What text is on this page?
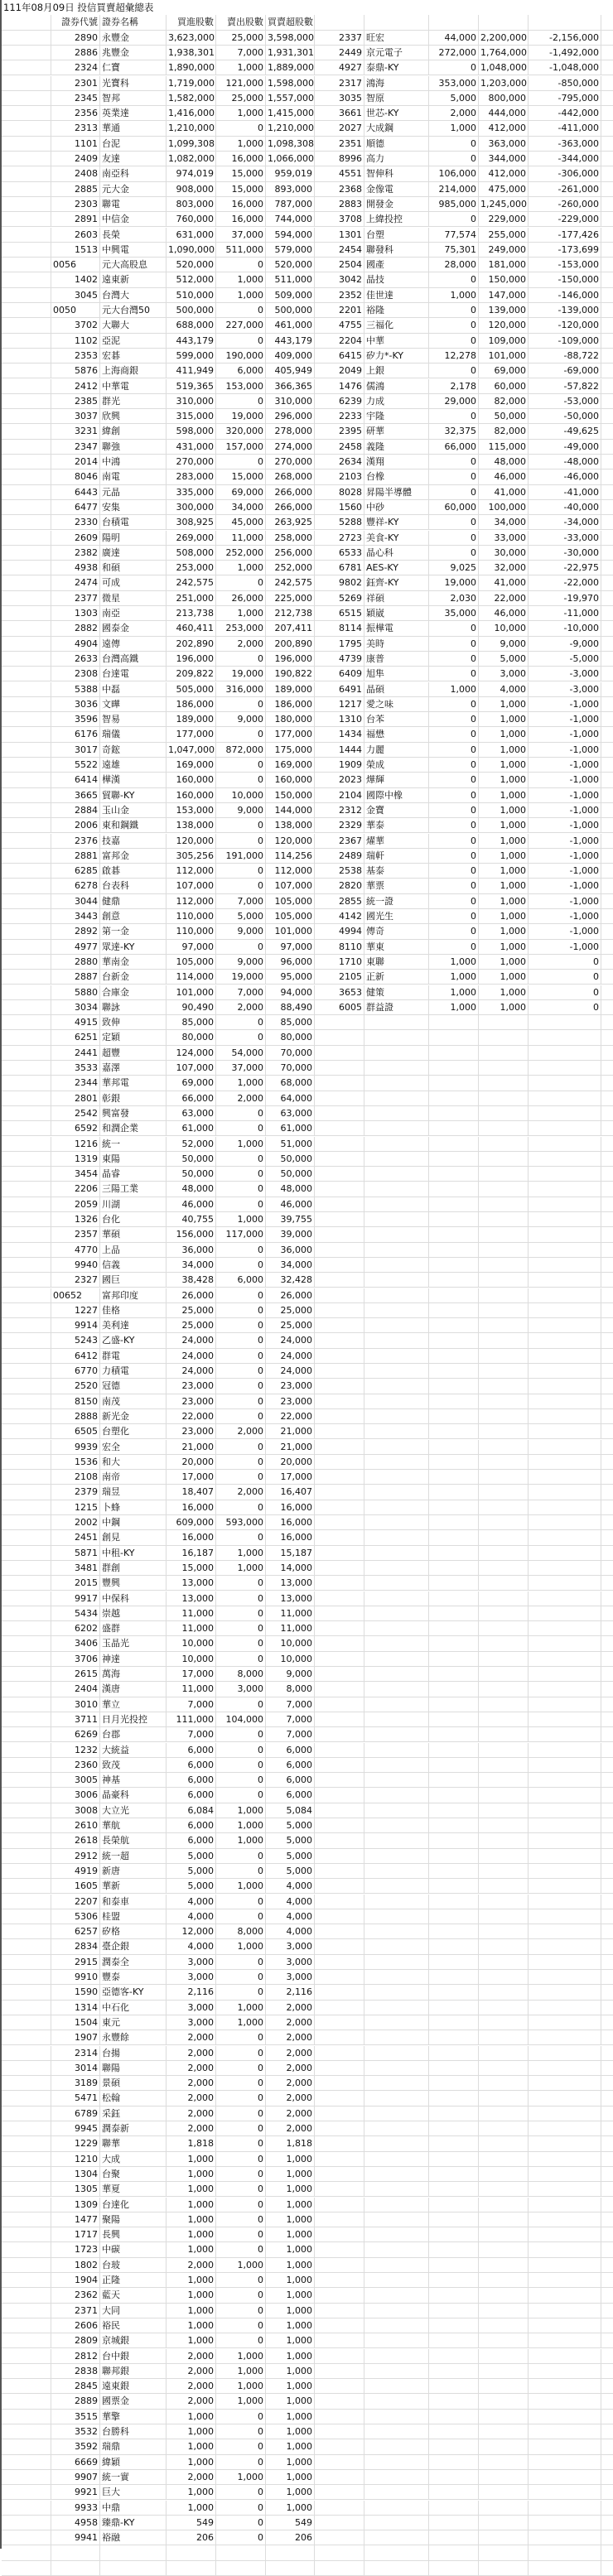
111年08月09日 投信買賣超彙總表
證券代號 證券名稱	買進股數	賣出股數 買賣超股數
2890 永豐金	3,623,000	25,000 3,598,000	2337 旺宏	44,000 2,200,000	-2,156,000
2886 兆豐金	1,938,301	7,000 1,931,301	2449 京元電子	272,000 1,764,000	-1,492,000
2324 仁寶	1,890,000	1,000 1,889,000	4927 泰鼎-KY	0 1,048,000	-1,048,000
2301 光寶科	1,719,000	121,000 1,598,000	2317 鴻海	353,000 1,203,000	-850,000
2345 智邦	1,582,000	25,000 1,557,000	3035 智原	5,000	800,000	-795,000
2356 英業達	1,416,000	1,000 1,415,000	3661 世芯-KY	2,000	444,000	-442,000
2313 華通	1,210,000	0 1,210,000	2027 大成鋼	1,000	412,000	-411,000
1101 台泥	1,099,308	1,000 1,098,308	2351 順德	0	363,000	-363,000
2409 友達	1,082,000	16,000 1,066,000	8996 高力	0	344,000	-344,000
2408 南亞科	974,019	15,000	959,019	4551 智伸科	106,000	412,000	-306,000
2885 元大金	908,000	15,000	893,000	2368 金像電	214,000	475,000	-261,000
2303 聯電	803,000	16,000	787,000	2883 開發金	985,000 1,245,000	-260,000
2891 中信金	760,000	16,000	744,000	3708 上緯投控	0	229,000	-229,000
2603 長榮	631,000	37,000	594,000	1301 台塑	77,574	255,000	-177,426
1513 中興電	1,090,000	511,000	579,000	2454 聯發科	75,301	249,000	-173,699
0056	元大高股息	520,000	0	520,000	2504 國產	28,000	181,000	-153,000
1402 遠東新	512,000	1,000	511,000	3042 晶技	0	150,000	-150,000
3045 台灣大	510,000	1,000	509,000	2352 佳世達	1,000	147,000	-146,000
0050	元大台灣50	500,000	0	500,000	2201 裕隆	0	139,000	-139,000
3702 大聯大	688,000	227,000	461,000	4755 三福化	0	120,000	-120,000
1102 亞泥	443,179	0	443,179	2204 中華	0	109,000	-109,000
2353 宏碁	599,000	190,000	409,000	6415 矽力*-KY	12,278	101,000	-88,722
5876 上海商銀	411,949	6,000	405,949	2049 上銀	0	69,000	-69,000
2412 中華電	519,365	153,000	366,365	1476 儒鴻	2,178	60,000	-57,822
2385 群光	310,000	0	310,000	6239 力成	29,000	82,000	-53,000
3037 欣興	315,000	19,000	296,000	2233 宇隆	0	50,000	-50,000
3231 緯創	598,000	320,000	278,000	2395 研華	32,375	82,000	-49,625
2347 聯強	431,000	157,000	274,000	2458 義隆	66,000	115,000	-49,000
2014 中鴻	270,000	0	270,000	2634 漢翔	0	48,000	-48,000
8046 南電	283,000	15,000	268,000	2103 台橡	0	46,000	-46,000
6443 元晶	335,000	69,000	266,000	8028 昇陽半導體	0	41,000	-41,000
6477 安集	300,000	34,000	266,000	1560 中砂	60,000	100,000	-40,000
2330 台積電	308,925	45,000	263,925	5288 豐祥-KY	0	34,000	-34,000
2609 陽明	269,000	11,000	258,000	2723 美食-KY	0	33,000	-33,000
2382 廣達	508,000	252,000	256,000	6533 晶心科	0	30,000	-30,000
4938 和碩	253,000	1,000	252,000	6781 AES-KY	9,025	32,000	-22,975
2474 可成	242,575	0	242,575	9802 鈺齊-KY	19,000	41,000	-22,000
2377 微星	251,000	26,000	225,000	5269 祥碩	2,030	22,000	-19,970
1303 南亞	213,738	1,000	212,738	6515 穎崴	35,000	46,000	-11,000
2882 國泰金	460,411	253,000	207,411	8114 振樺電	0	10,000	-10,000
4904 遠傳	202,890	2,000	200,890	1795 美時	0	9,000	-9,000
2633 台灣高鐵	196,000	0	196,000	4739 康普	0	5,000	-5,000
2308 台達電	209,822	19,000	190,822	6409 旭隼	0	3,000	-3,000
5388 中磊	505,000	316,000	189,000	6491 晶碩	1,000	4,000	-3,000
3036 文曄	186,000	0	186,000	1217 愛之味	0	1,000	-1,000
3596 智易	189,000	9,000	180,000	1310 台苯	0	1,000	-1,000
6176 瑞儀	177,000	0	177,000	1434 福懋	0	1,000	-1,000
3017 奇鋐	1,047,000	872,000	175,000	1444 力麗	0	1,000	-1,000
5522 遠雄	169,000	0	169,000	1909 榮成	0	1,000	-1,000
6414 樺漢	160,000	0	160,000	2023 燁輝	0	1,000	-1,000
3665 貿聯-KY	160,000	10,000	150,000	2104 國際中橡	0	1,000	-1,000
2884 玉山金	153,000	9,000	144,000	2312 金寶	0	1,000	-1,000
2006 東和鋼鐵	138,000	0	138,000	2329 華泰	0	1,000	-1,000
2376 技嘉	120,000	0	120,000	2367 燿華	0	1,000	-1,000
2881 富邦金	305,256	191,000	114,256	2489 瑞軒	0	1,000	-1,000
6285 啟碁	112,000	0	112,000	2538 基泰	0	1,000	-1,000
6278 台表科	107,000	0	107,000	2820 華票	0	1,000	-1,000
3044 健鼎	112,000	7,000	105,000	2855 統一證	0	1,000	-1,000
3443 創意	110,000	5,000	105,000	4142 國光生	0	1,000	-1,000
2892 第一金	110,000	9,000	101,000	4994 傳奇	0	1,000	-1,000
4977 眾達-KY	97,000	0	97,000	8110 華東	0	1,000	-1,000
2880 華南金	105,000	9,000	96,000	1710 東聯	1,000	1,000	0
2887 台新金	114,000	19,000	95,000	2105 正新	1,000	1,000	0
5880 合庫金	101,000	7,000	94,000	3653 健策	1,000	1,000	0
3034 聯詠	90,490	2,000	88,490	6005 群益證	1,000	1,000	0
4915 致伸	85,000	0	85,000
6251 定穎	80,000	0	80,000
2441 超豐	124,000	54,000	70,000
3533 嘉澤	107,000	37,000	70,000
2344 華邦電	69,000	1,000	68,000
2801 彰銀	66,000	2,000	64,000
2542 興富發	63,000	0	63,000
6592 和潤企業	61,000	0	61,000
1216 統一	52,000	1,000	51,000
1319 東陽	50,000	0	50,000
3454 晶睿	50,000	0	50,000
2206 三陽工業	48,000	0	48,000
2059 川湖	46,000	0	46,000
1326 台化	40,755	1,000	39,755
2357 華碩	156,000	117,000	39,000
4770 上品	36,000	0	36,000
9940 信義	34,000	0	34,000
2327 國巨	38,428	6,000	32,428
00652	富邦印度	26,000	0	26,000
1227 佳格	25,000	0	25,000
9914 美利達	25,000	0	25,000
5243 乙盛-KY	24,000	0	24,000
6412 群電	24,000	0	24,000
6770 力積電	24,000	0	24,000
2520 冠德	23,000	0	23,000
8150 南茂	23,000	0	23,000
2888 新光金	22,000	0	22,000
6505 台塑化	23,000	2,000	21,000
9939 宏全	21,000	0	21,000
1536 和大	20,000	0	20,000
2108 南帝	17,000	0	17,000
2379 瑞昱	18,407	2,000	16,407
1215 卜蜂	16,000	0	16,000
2002 中鋼	609,000	593,000	16,000
2451 創見	16,000	0	16,000
5871 中租-KY	16,187	1,000	15,187
3481 群創	15,000	1,000	14,000
2015 豐興	13,000	0	13,000
9917 中保科	13,000	0	13,000
5434 崇越	11,000	0	11,000
6202 盛群	11,000	0	11,000
3406 玉晶光	10,000	0	10,000
3706 神達	10,000	0	10,000
2615 萬海	17,000	8,000	9,000
2404 漢唐	11,000	3,000	8,000
3010 華立	7,000	0	7,000
3711 日月光投控	111,000	104,000	7,000
6269 台郡	7,000	0	7,000
1232 大統益	6,000	0	6,000
2360 致茂	6,000	0	6,000
3005 神基	6,000	0	6,000
3006 晶豪科	6,000	0	6,000
3008 大立光	6,084	1,000	5,084
2610 華航	6,000	1,000	5,000
2618 長榮航	6,000	1,000	5,000
2912 統一超	5,000	0	5,000
4919 新唐	5,000	0	5,000
1605 華新	5,000	1,000	4,000
2207 和泰車	4,000	0	4,000
5306 桂盟	4,000	0	4,000
6257 矽格	12,000	8,000	4,000
2834 臺企銀	4,000	1,000	3,000
2915 潤泰全	3,000	0	3,000
9910 豐泰	3,000	0	3,000
1590 亞德客-KY	2,116	0	2,116
1314 中石化	3,000	1,000	2,000
1504 東元	3,000	1,000	2,000
1907 永豐餘	2,000	0	2,000
2314 台揚	2,000	0	2,000
3014 聯陽	2,000	0	2,000
3189 景碩	2,000	0	2,000
5471 松翰	2,000	0	2,000
6789 采鈺	2,000	0	2,000
9945 潤泰新	2,000	0	2,000
1229 聯華	1,818	0	1,818
1210 大成	1,000	0	1,000
1304 台聚	1,000	0	1,000
1305 華夏	1,000	0	1,000
1309 台達化	1,000	0	1,000
1477 聚陽	1,000	0	1,000
1717 長興	1,000	0	1,000
1723 中碳	1,000	0	1,000
1802 台玻	2,000	1,000	1,000
1904 正隆	1,000	0	1,000
2362 藍天	1,000	0	1,000
2371 大同	1,000	0	1,000
2606 裕民	1,000	0	1,000
2809 京城銀	1,000	0	1,000
2812 台中銀	2,000	1,000	1,000
2838 聯邦銀	2,000	1,000	1,000
2845 遠東銀	2,000	1,000	1,000
2889 國票金	2,000	1,000	1,000
3515 華擎	1,000	0	1,000
3532 台勝科	1,000	0	1,000
3592 瑞鼎	1,000	0	1,000
6669 緯穎	1,000	0	1,000
9907 統一實	2,000	1,000	1,000
9921 巨大	1,000	0	1,000
9933 中鼎	1,000	0	1,000
4958 臻鼎-KY	549	0	549
9941 裕融	206	0	206
